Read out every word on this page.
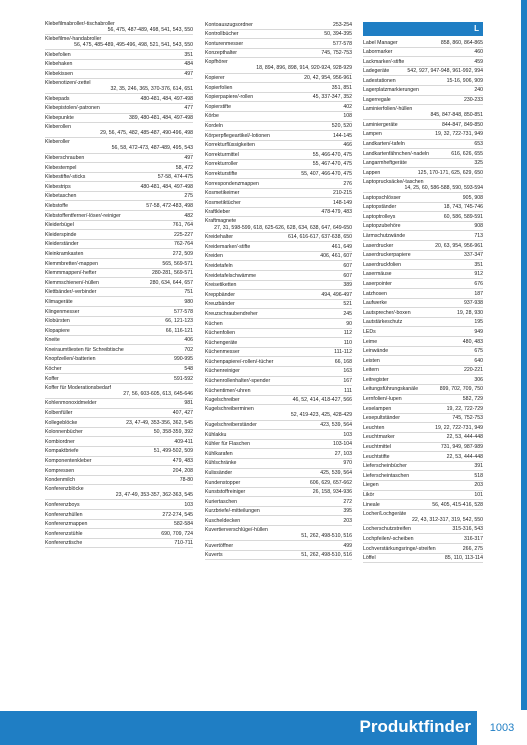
Klebefilmabroller/-tischabroller
56, 475, 487-489, 498, 541, 543, 550
Klebefilme/-handabroller
56, 475, 485-489, 495-496, 498, 521, 541, 543, 550
Klebefolien	351
Klebehaken	484
Klebekissen	497
Klebenotizen/-zettel
32, 35, 246, 365, 370-376, 614, 651
Klebepads	480-481, 484, 497-498
Klebepistolen/-patronen	477
Klebepunkte	389, 480-481, 484, 497-498
Kleberollen
29, 56, 475, 482, 485-487, 490-496, 498
Kleberoller
56, 58, 472-473, 487-489, 495, 543
Kleberschrauben	497
Klebestempel	58, 472
Klebestifte/-sticks	57-58, 474-475
Klebestrips	480-481, 484, 497-498
Klebetaschen	275
Klebstoffe	57-58, 472-483, 498
Klebstoffentferner/-löser/-reiniger	482
Kleiderbügel	761, 764
Kleiderspinde	225-227
Kleiderständer	762-764
Kleinkramkasten	272, 509
Klemmbretter/-mappen	565, 569-571
Klemmmappen/-hefter	280-281, 569-571
Klemmschienen/-hüllen	280, 634, 644, 657
Klettbänder/-verbinder	751
Klimageräte	980
Klingenmesser	577-578
Klobürsten	66, 121-123
Klopapiere	66, 116-121
Kneite	406
Kneiraumtliesten für Schreibtische	702
Knopfzellen/-batterien	990-995
Köcher	548
Koffer	591-592
Koffer für Moderationsbedarf
27, 56, 603-605, 613, 645-646
Kohlenmonoxidmelder	981
Kolbenfüller	407, 427
Kollegeblöcke	23, 47-49, 353-356, 362, 545
Kolonnenbücher	50, 358-359, 392
Kombiordner	409-411
Kompaktbriefe	51, 499-502, 509
Komponentenkleber	479, 483
Kompressen	204, 208
Kondenmilch	78-80
Konferenzblöcke
23, 47-49, 353-357, 362-363, 545
Konferenzboys	103
Konferenzhüllen	272-274, 545
Konferenzmappen	582-584
Konferenzstühle	690, 709, 724
Konferenztische	710-711
Kontoauszugsordner	253-254
Kontrollbücher	50, 394-395
Konturenmesser	577-578
Konzepthalter	745, 752-753
Kopfhörer
18, 894, 896, 898, 914, 920-924, 928-929
Kopierer	20, 42, 954, 956-961
Kopierfolien	351, 851
Kopierpapiere/-rollen	45, 337-347, 352
Kopierstifte	402
Körbe	108
Kordeln	520, 520
Körperpflegeartikel/-lotionen	144-145
Korrekturflüssigkeiten	466
Korrekturmittel	55, 466-470, 475
Korrekturroller	55, 467-470, 475
Korrekturstifte	55, 407, 466-470, 475
Korrespondenzmappen	276
Kosmetikeimer	210-215
Kosmetiktücher	148-149
Kraftkleber	478-479, 483
Kraftmagnete
27, 31, 598-599, 618, 625-626, 628, 634, 638, 647, 649-650
Kreidehalter	614, 616-617, 637-638, 650
Kreidemarker/-stifte	461, 649
Kreiden	406, 461, 607
Kreidetafeln	607
Kreidetafelschwämme	607
Kreisetiketten	389
Kreppbänder	494, 496-497
Kreuzbänder	521
Kreuzschraubendreher	245
Küchen	90
Küchenfolien	112
Küchengeräte	110
Küchenmesser	111-112
Küchenpapiere/-rollen/-tücher	66, 168
Küchenreiniger	163
Küchenrollenhalter/-spender	167
Küchentimer/-uhren	111
Kugelschreiber	46, 52, 414, 418-427, 566
Kugelschreiberminen
52, 419-423, 425, 428-429
Kugelschreiberständer	423, 539, 564
Kühlakku	103
Kühler für Flaschen	103-104
Kühlkarafen	27, 103
Kühlschränke	970
Kulissänder	425, 539, 564
Kundenstopper	606, 629, 657-662
Kunststoffreiniger	26, 158, 934-936
Kuriertaschen	272
Kurzbriefe/-mitteilungen	395
Kuscheldecken	203
Kuvertierverschlüge/-hüllen
51, 262, 498-510, 516
Kuvertöffner	499
Kuverts	51, 262, 498-510, 516
L
Label Manager	858, 860, 864-865
Labormarker	460
Lackmarker/-stifte	459
Ladegeräte	542, 927, 947-948, 961-992, 994
Ladestationen	15-16, 906, 909
Lagerplatzmarkierungen	240
Lagerregale	230-233
Laminierfolien/-hüllen
845, 847-848, 850-851
Laminiergeräte	844-847, 849-850
Lampen	19, 32, 722-731, 949
Landkarten/-tafeln	653
Landkartenfähnchen/-nadeln	616, 626, 655
Langarmheftgeräte	325
Lappen	125, 170-171, 625, 629, 650
Laptoprucksäcke/-taschen
14, 25, 60, 586-588, 590, 593-594
Laptopschlösser	905, 908
Laptopständer	18, 743, 745-746
Laptoptrolleys	60, 586, 589-591
Laptopzubehöre	908
Lärmschutzwände	713
Laserdrucker	20, 63, 954, 956-961
Laserdruckerpapiere	337-347
Laserdruckfolien	351
Lasermäuse	912
Laserpointer	676
Latzhosen	187
Laufwerke	937-938
Lautsprecher/-boxen	19, 28, 930
Lautstärkeschutz	195
LEDs	949
Leime	480, 483
Leinwände	675
Leisten	640
Leitern	220-221
Leitregister	306
Leitungsführungskanäle	899, 702, 709, 750
Lernfolien/-lupen	582, 729
Leselampen	19, 22, 722-729
Lesepultständer	745, 752-753
Leuchten	19, 22, 722-731, 949
Leuchtmarker	22, 53, 444-448
Leuchtmittel	731, 949, 987-989
Leuchtstifte	22, 53, 444-448
Lieferscheinbücher	391
Lieferscheintaschen	518
Liegen	203
Likör	101
Lineale	56, 405, 415-416, 528
Locher/Lochgeräte
22, 43, 312-317, 319, 542, 550
Locherschutzstreifen	315-316, 543
Lochpfeilen/-scheiben	316-317
Lochverstärkungsringe/-streifen	266, 275
Löffel	85, 110, 113-114
Produktfinder	1003
